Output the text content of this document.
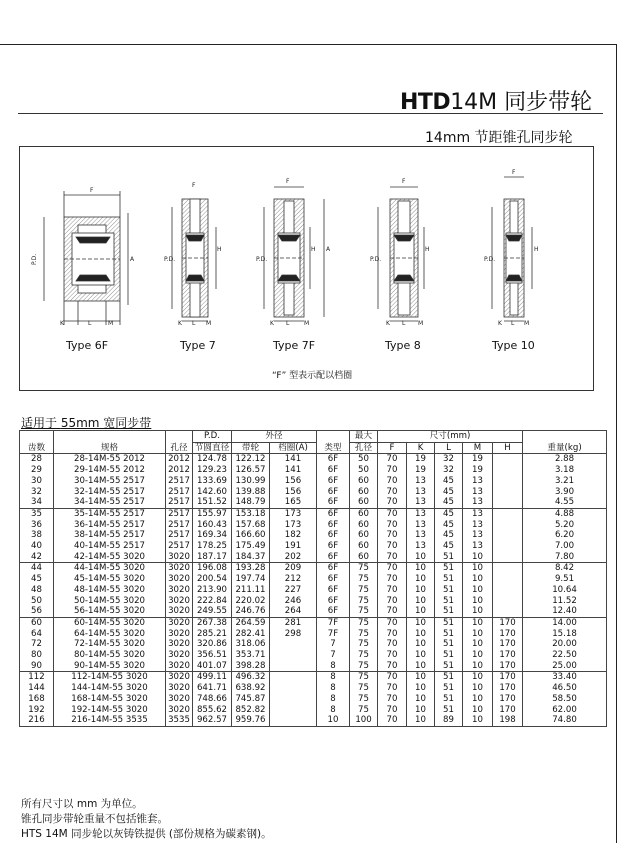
HTD14M 同步带轮
14mm 节距锥孔同步轮
F
P.D.	A
K	L	M
F
P.D.
H
K L M
F
P.D.
H A
K L M
F
P.D.
H
K L M
F
P.D.
H
K L M
Type 6F	Type 7	Type 7F	Type 8	Type 10
“F” 型表示配以档圈
适用于 55mm 宽同步带
齿数	规格	孔径	P.D.	外径		类型	最大	尺寸(mm)					重量(kg)
			节圆直径	带轮	档圈(A)		孔径	F	K	L	M	H	
28	28-14M-55 2012	2012	124.78	122.12	141	6F	50	70	19	32	19		2.88
29	29-14M-55 2012	2012	129.23	126.57	141	6F	50	70	19	32	19		3.18
30	30-14M-55 2517	2517	133.69	130.99	156	6F	60	70	13	45	13		3.21
32	32-14M-55 2517	2517	142.60	139.88	156	6F	60	70	13	45	13		3.90
34	34-14M-55 2517	2517	151.52	148.79	165	6F	60	70	13	45	13		4.55
35	35-14M-55 2517	2517	155.97	153.18	173	6F	60	70	13	45	13		4.88
36	36-14M-55 2517	2517	160.43	157.68	173	6F	60	70	13	45	13		5.20
38	38-14M-55 2517	2517	169.34	166.60	182	6F	60	70	13	45	13		6.20
40	40-14M-55 2517	2517	178.25	175.49	191	6F	60	70	13	45	13		7.00
42	42-14M-55 3020	3020	187.17	184.37	202	6F	60	70	10	51	10		7.80
44	44-14M-55 3020	3020	196.08	193.28	209	6F	75	70	10	51	10		8.42
45	45-14M-55 3020	3020	200.54	197.74	212	6F	75	70	10	51	10		9.51
48	48-14M-55 3020	3020	213.90	211.11	227	6F	75	70	10	51	10		10.64
50	50-14M-55 3020	3020	222.84	220.02	246	6F	75	70	10	51	10		11.52
56	56-14M-55 3020	3020	249.55	246.76	264	6F	75	70	10	51	10		12.40
60	60-14M-55 3020	3020	267.38	264.59	281	7F	75	70	10	51	10	170	14.00
64	64-14M-55 3020	3020	285.21	282.41	298	7F	75	70	10	51	10	170	15.18
72	72-14M-55 3020	3020	320.86	318.06		7	75	70	10	51	10	170	20.00
80	80-14M-55 3020	3020	356.51	353.71		7	75	70	10	51	10	170	22.50
90	90-14M-55 3020	3020	401.07	398.28		8	75	70	10	51	10	170	25.00
112	112-14M-55 3020	3020	499.11	496.32		8	75	70	10	51	10	170	33.40
144	144-14M-55 3020	3020	641.71	638.92		8	75	70	10	51	10	170	46.50
168	168-14M-55 3020	3020	748.66	745.87		8	75	70	10	51	10	170	58.50
192	192-14M-55 3020	3020	855.62	852.82		8	75	70	10	51	10	170	62.00
216	216-14M-55 3535	3535	962.57	959.76		10	100	70	10	89	10	198	74.80
所有尺寸以 mm 为单位。
锥孔同步带轮重量不包括锥套。
HTS 14M 同步轮以灰铸铁提供 (部份规格为碳素钢)。
